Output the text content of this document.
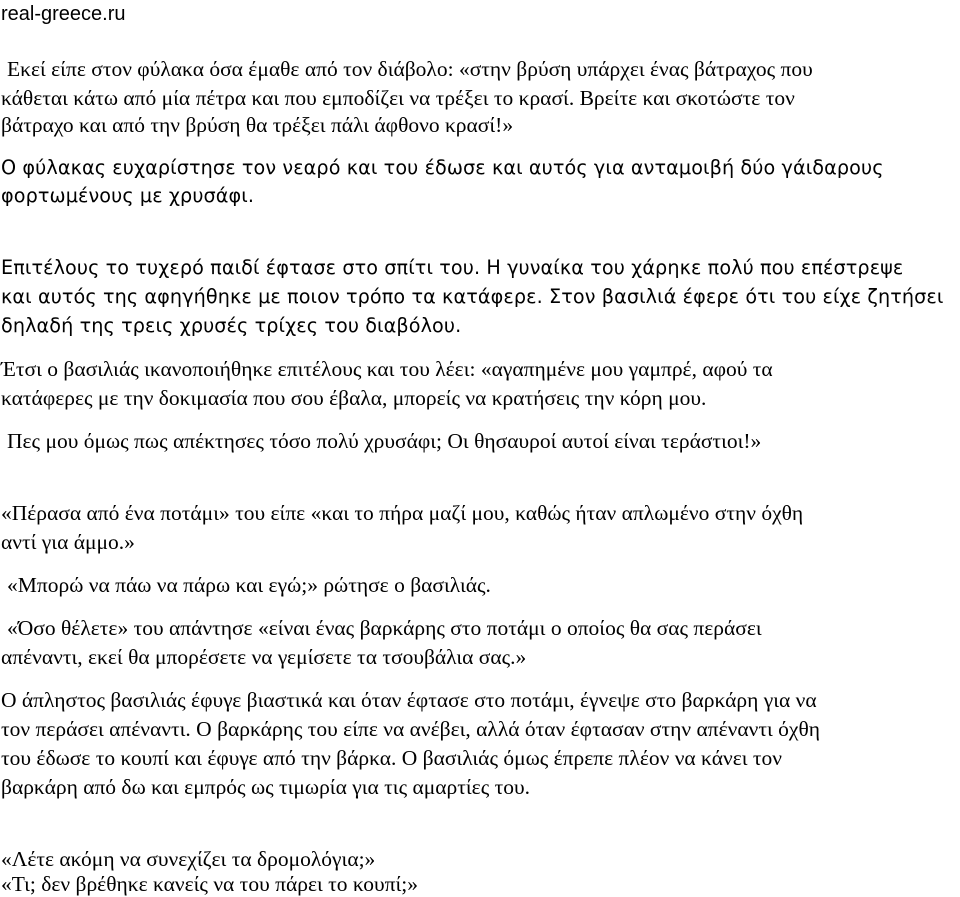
real-greece.ru
Εκεί είπε στον φύλακα όσα έμαθε από τον διάβολο: «στην βρύση υπάρχει ένας βάτραχος που
κάθεται κάτω από μία πέτρα και που εμποδίζει να τρέξει το κρασί. Βρείτε και σκοτώστε τον
βάτραχο και από την βρύση θα τρέξει πάλι άφθονο κρασί!»
Ο φύλακας ευχαρίστησε τον νεαρό και του έδωσε και αυτός για ανταμοιβή δύο γάιδαρους
φορτωμένους με χρυσάφι.
Επιτέλους το τυχερό παιδί έφτασε στο σπίτι του. Η γυναίκα του χάρηκε πολύ που επέστρεψε
και αυτός της αφηγήθηκε με ποιον τρόπο τα κατάφερε. Στον βασιλιά έφερε ότι του είχε ζητήσει
δηλαδή της τρεις χρυσές τρίχες του διαβόλου.
Έτσι ο βασιλιάς ικανοποιήθηκε επιτέλους και του λέει: «αγαπημένε μου γαμπρέ, αφού τα
κατάφερες με την δοκιμασία που σου έβαλα, μπορείς να κρατήσεις την κόρη μου.
Πες μου όμως πως απέκτησες τόσο πολύ χρυσάφι; Οι θησαυροί αυτοί είναι τεράστιοι!»
«Πέρασα από ένα ποτάμι» του είπε «και το πήρα μαζί μου, καθώς ήταν απλωμένο στην όχθη
αντί για άμμο.»
«Μπορώ να πάω να πάρω και εγώ;» ρώτησε ο βασιλιάς.
«Όσο θέλετε» του απάντησε «είναι ένας βαρκάρης στο ποτάμι ο οποίος θα σας περάσει
απέναντι, εκεί θα μπορέσετε να γεμίσετε τα τσουβάλια σας.»
Ο άπληστος βασιλιάς έφυγε βιαστικά και όταν έφτασε στο ποτάμι, έγνεψε στο βαρκάρη για να
τον περάσει απέναντι. Ο βαρκάρης του είπε να ανέβει, αλλά όταν έφτασαν στην απέναντι όχθη
του έδωσε το κουπί και έφυγε από την βάρκα. Ο βασιλιάς όμως έπρεπε πλέον να κάνει τον
βαρκάρη από δω και εμπρός ως τιμωρία για τις αμαρτίες του.
«Λέτε ακόμη να συνεχίζει τα δρομολόγια;»
«Τι; δεν βρέθηκε κανείς να του πάρει το κουπί;»
